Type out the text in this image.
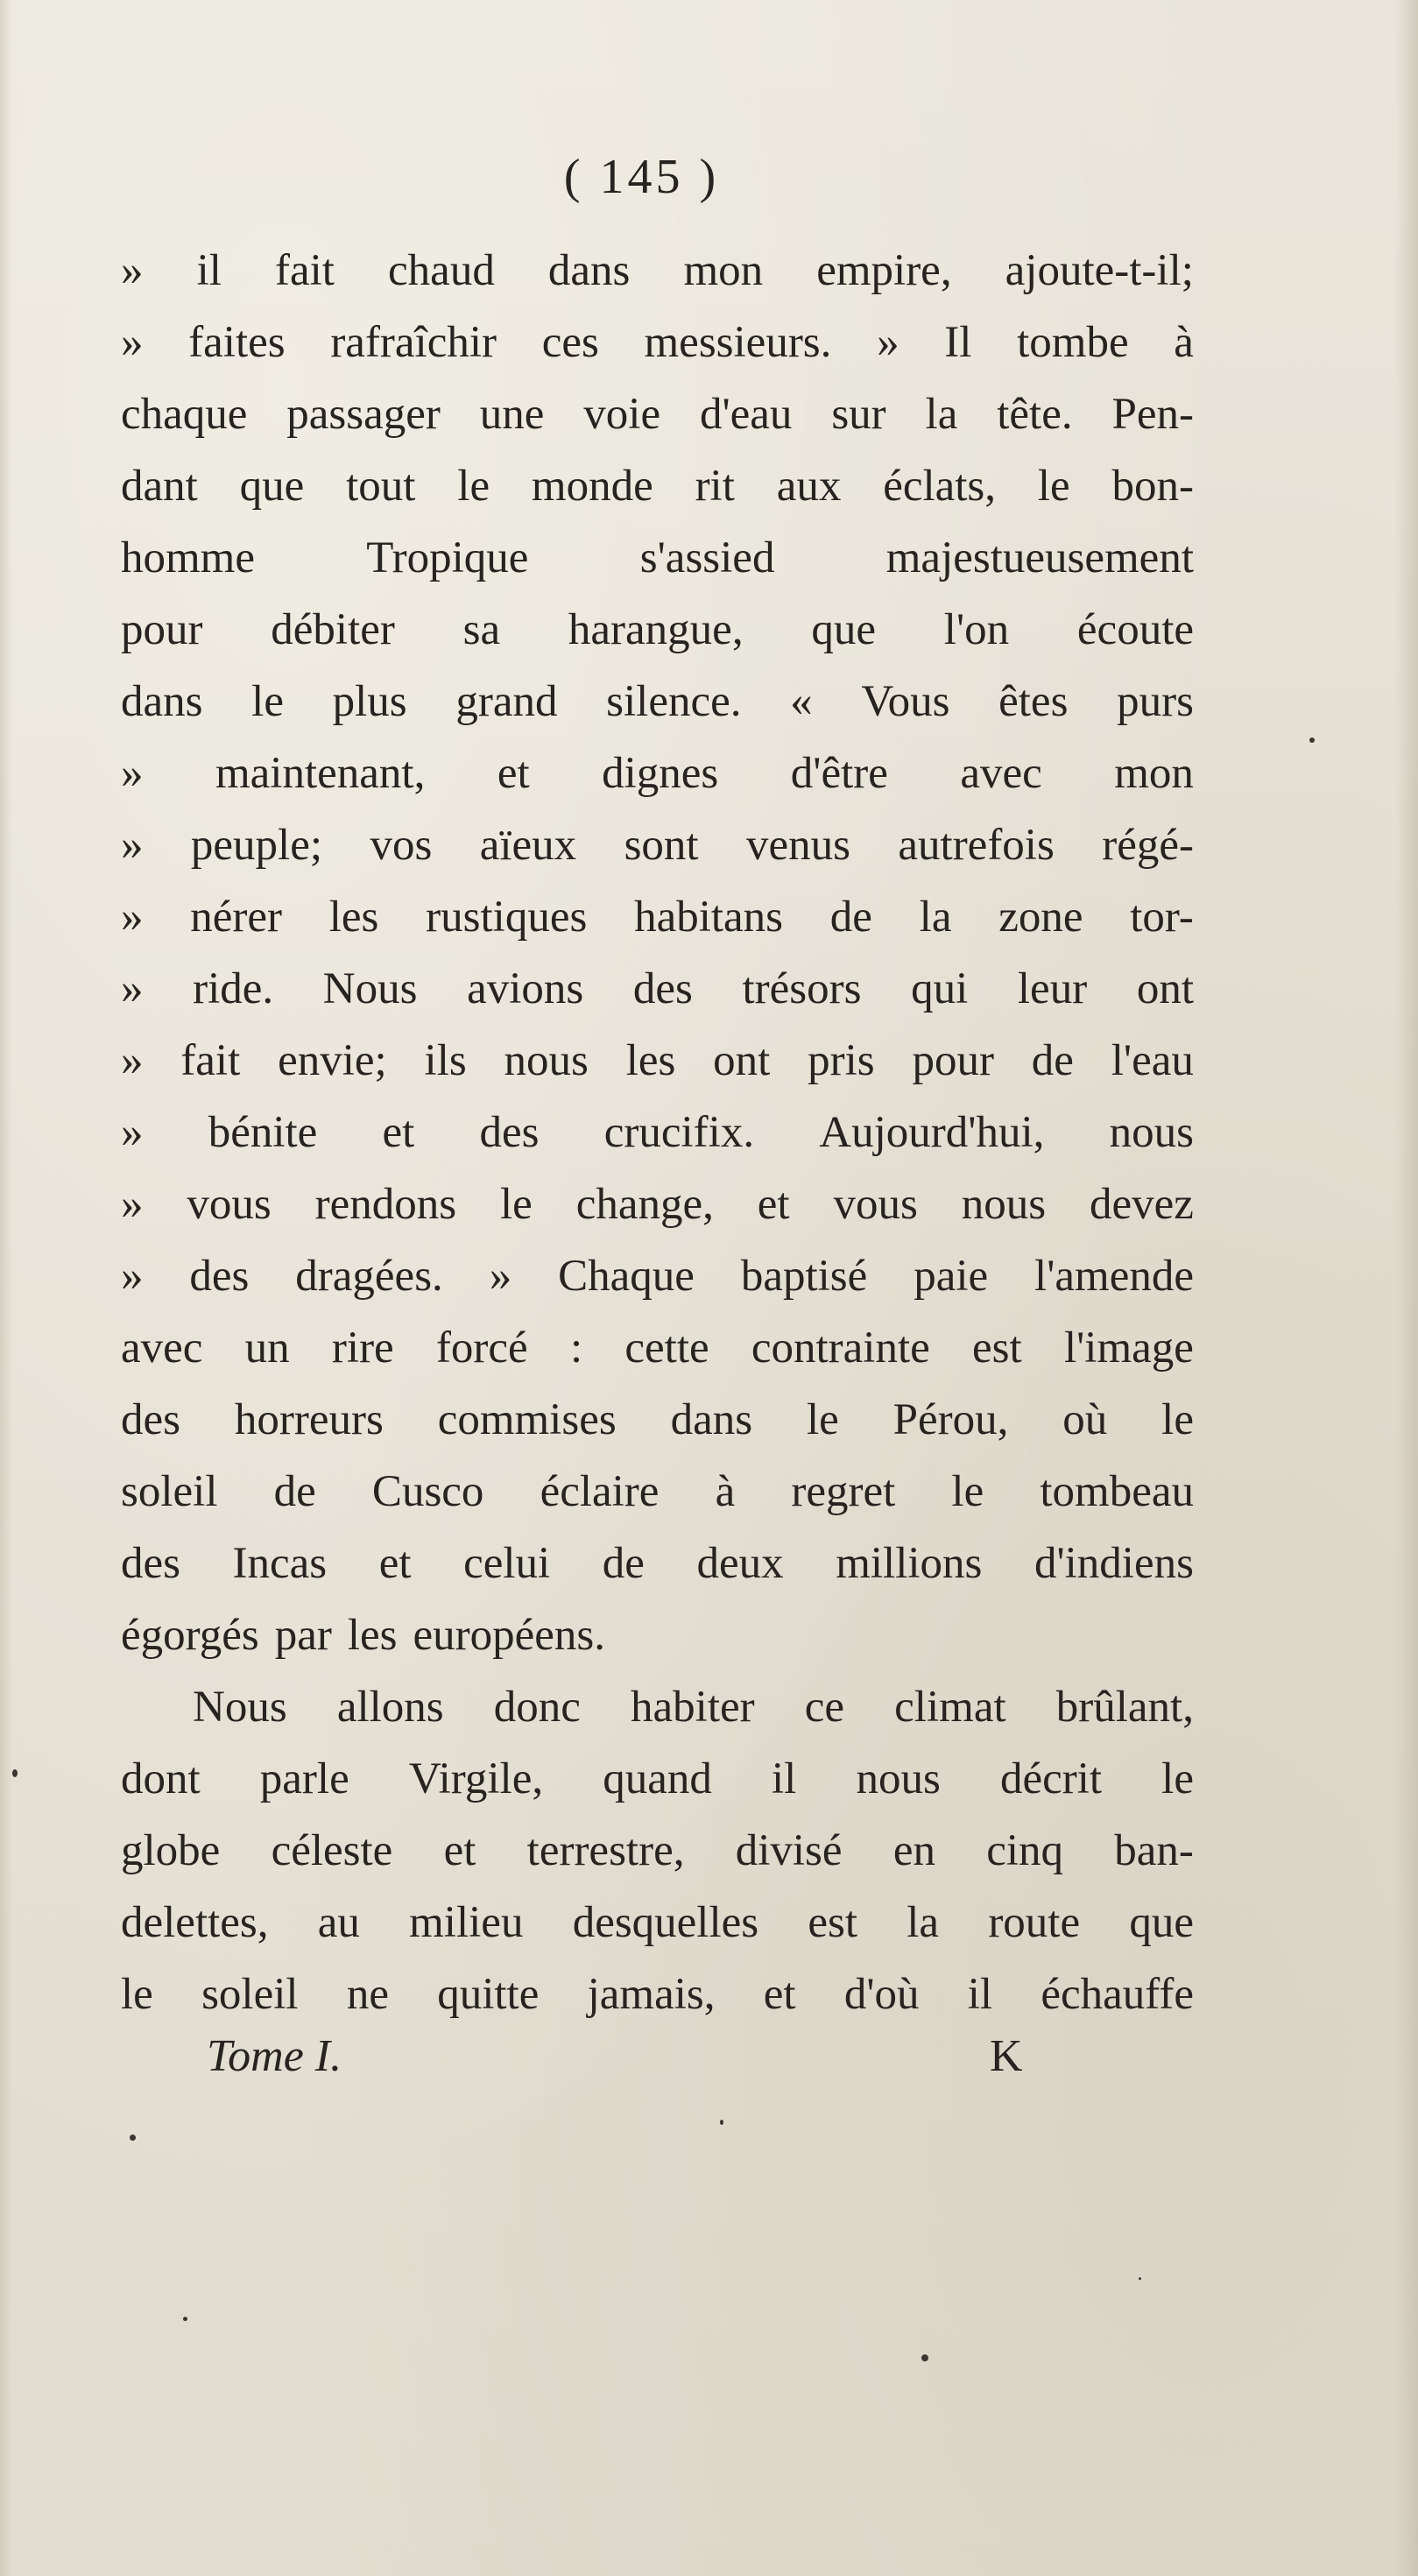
( 145 )
» il fait chaud dans mon empire, ajoute-t-il;
» faites rafraîchir ces messieurs. » Il tombe à
chaque passager une voie d'eau sur la tête. Pen-
dant que tout le monde rit aux éclats, le bon-
homme Tropique s'assied majestueusement
pour débiter sa harangue, que l'on écoute
dans le plus grand silence. « Vous êtes purs
» maintenant, et dignes d'être avec mon
» peuple; vos aïeux sont venus autrefois régé-
» nérer les rustiques habitans de la zone tor-
» ride. Nous avions des trésors qui leur ont
» fait envie; ils nous les ont pris pour de l'eau
» bénite et des crucifix. Aujourd'hui, nous
» vous rendons le change, et vous nous devez
» des dragées. » Chaque baptisé paie l'amende
avec un rire forcé : cette contrainte est l'image
des horreurs commises dans le Pérou, où le
soleil de Cusco éclaire à regret le tombeau
des Incas et celui de deux millions d'indiens
égorgés par les européens.
Nous allons donc habiter ce climat brûlant,
dont parle Virgile, quand il nous décrit le
globe céleste et terrestre, divisé en cinq ban-
delettes, au milieu desquelles est la route que
le soleil ne quitte jamais, et d'où il échauffe
Tome I.	K
